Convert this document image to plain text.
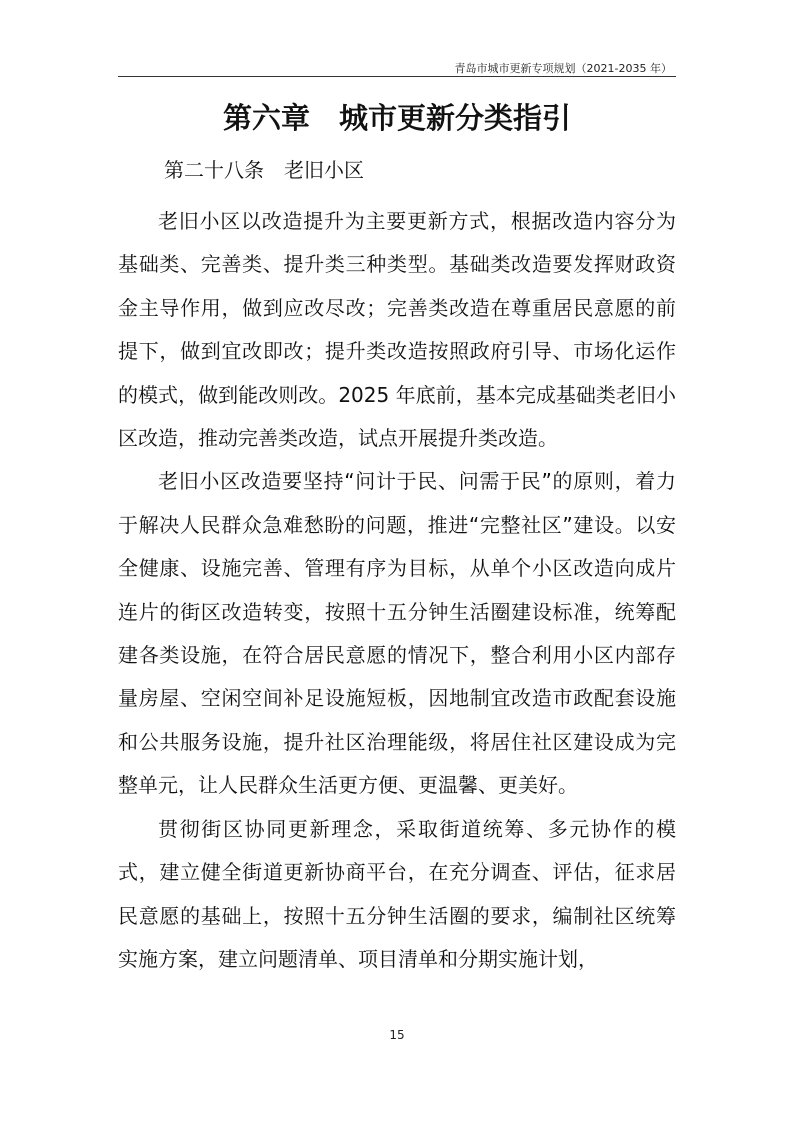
青岛市城市更新专项规划（2021-2035 年）
第六章　城市更新分类指引
第二十八条　老旧小区

老旧小区以改造提升为主要更新方式，根据改造内容分为基础类、完善类、提升类三种类型。基础类改造要发挥财政资金主导作用，做到应改尽改；完善类改造在尊重居民意愿的前提下，做到宜改即改；提升类改造按照政府引导、市场化运作的模式，做到能改则改。2025 年底前，基本完成基础类老旧小区改造，推动完善类改造，试点开展提升类改造。

老旧小区改造要坚持“问计于民、问需于民”的原则，着力于解决人民群众急难愁盼的问题，推进“完整社区”建设。以安全健康、设施完善、管理有序为目标，从单个小区改造向成片连片的街区改造转变，按照十五分钟生活圈建设标准，统筹配建各类设施，在符合居民意愿的情况下，整合利用小区内部存量房屋、空闲空间补足设施短板，因地制宜改造市政配套设施和公共服务设施，提升社区治理能级，将居住社区建设成为完整单元，让人民群众生活更方便、更温馨、更美好。

贯彻街区协同更新理念，采取街道统筹、多元协作的模式，建立健全街道更新协商平台，在充分调查、评估，征求居民意愿的基础上，按照十五分钟生活圈的要求，编制社区统筹实施方案，建立问题清单、项目清单和分期实施计划，

15
